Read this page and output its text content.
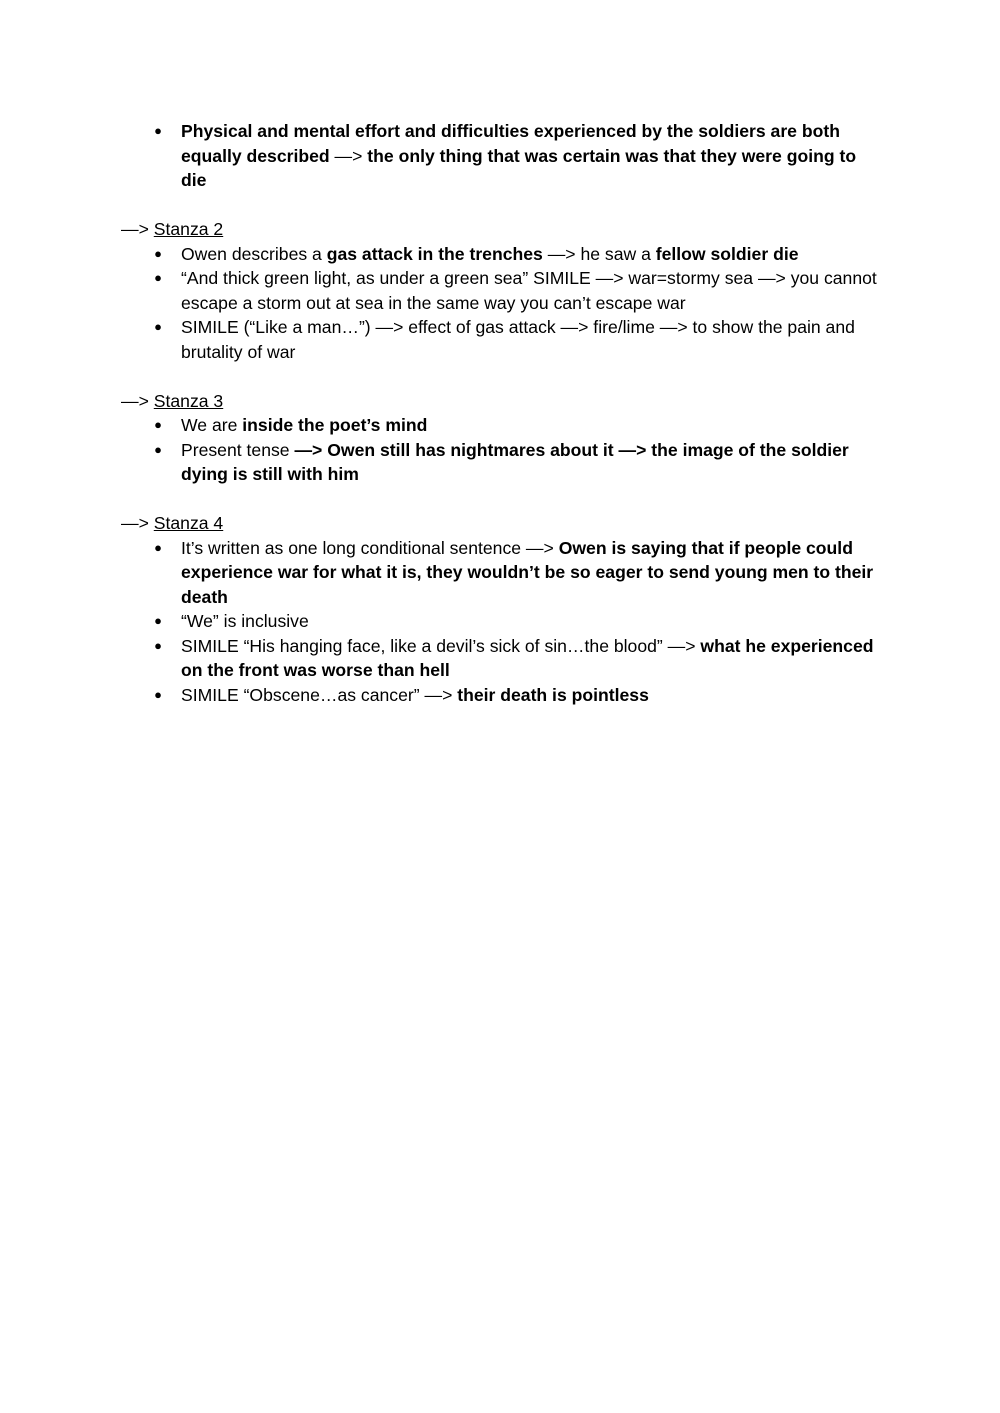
● Physical and mental effort and difficulties experienced by the soldiers are both equally described —> the only thing that was certain was that they were going to die

—> Stanza 2

● Owen describes a gas attack in the trenches —> he saw a fellow soldier die
● “And thick green light, as under a green sea” SIMILE —> war=stormy sea —> you cannot escape a storm out at sea in the same way you can’t escape war
● SIMILE (“Like a man…”) —> effect of gas attack —> fire/lime —> to show the pain and brutality of war

—> Stanza 3

● We are inside the poet’s mind
● Present tense —> Owen still has nightmares about it —> the image of the soldier dying is still with him

—> Stanza 4

● It’s written as one long conditional sentence —> Owen is saying that if people could experience war for what it is, they wouldn’t be so eager to send young men to their death
● “We” is inclusive
● SIMILE “His hanging face, like a devil’s sick of sin…the blood” —> what he experienced on the front was worse than hell
● SIMILE “Obscene…as cancer” —> their death is pointless
